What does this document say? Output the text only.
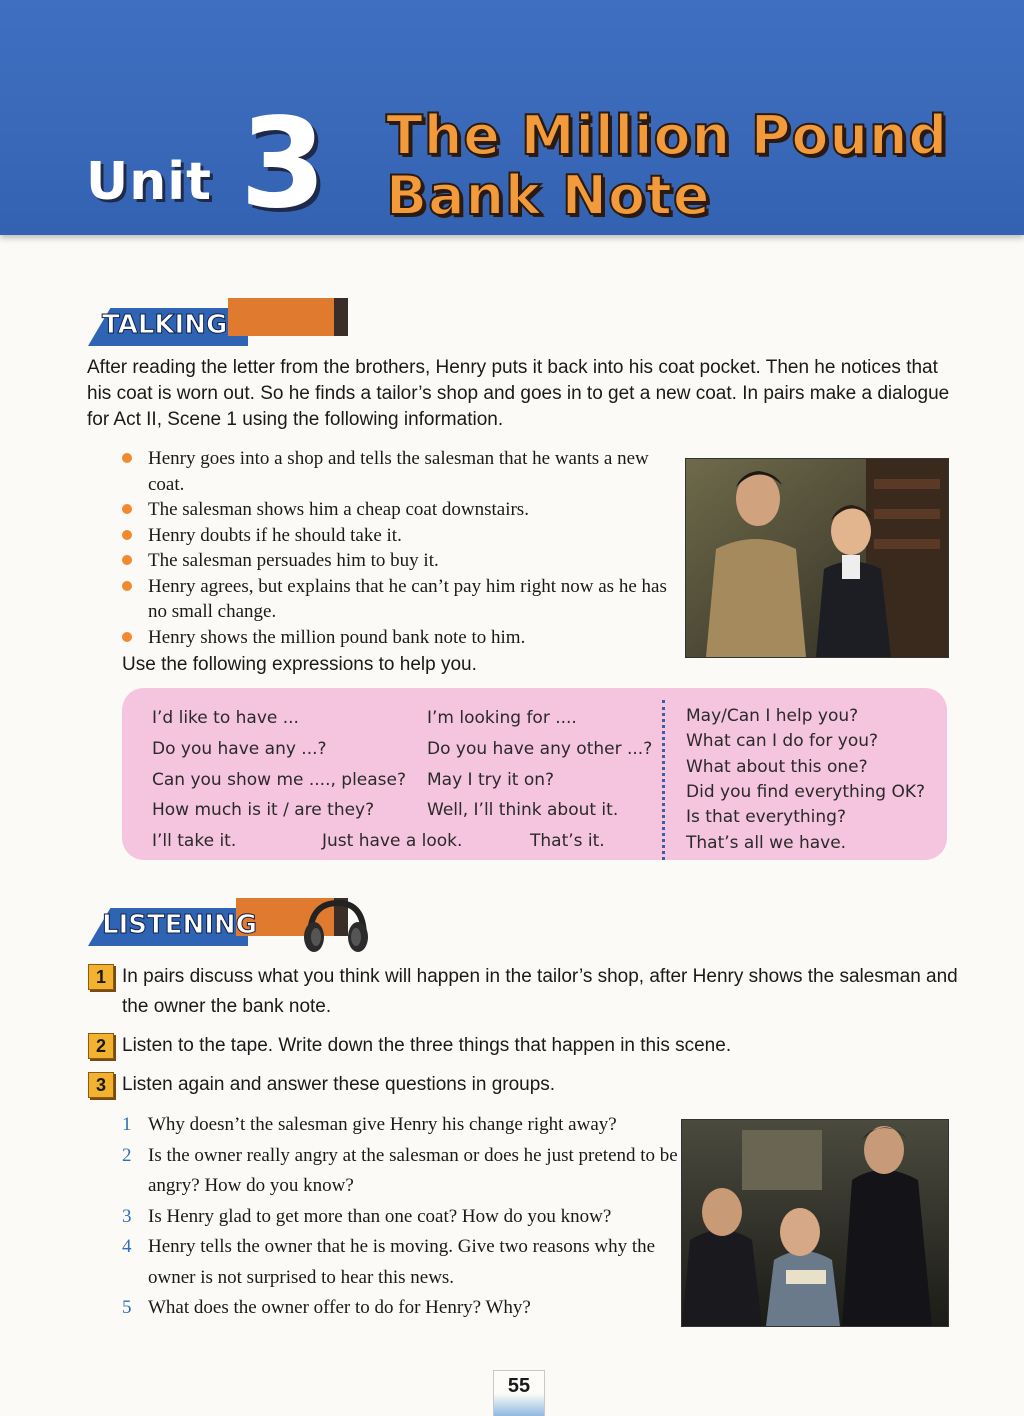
Unit 3 The Million Pound
Bank Note
TALKING
After reading the letter from the brothers, Henry puts it back into his coat pocket. Then he notices that his coat is worn out. So he finds a tailor’s shop and goes in to get a new coat. In pairs make a dialogue for Act II, Scene 1 using the following information.
Henry goes into a shop and tells the salesman that he wants a new coat.
The salesman shows him a cheap coat downstairs.
Henry doubts if he should take it.
The salesman persuades him to buy it.
Henry agrees, but explains that he can’t pay him right now as he has no small change.
Henry shows the million pound bank note to him.
Use the following expressions to help you.
I’d like to have ...
Do you have any ...?
Can you show me ...., please?
How much is it / are they?
I’ll take it.
I’m looking for ....
Do you have any other ...?
May I try it on?
Well, I’ll think about it.
Just have a look.	That’s it.
May/Can I help you?
What can I do for you?
What about this one?
Did you find everything OK?
Is that everything?
That’s all we have.
LISTENING
1 In pairs discuss what you think will happen in the tailor’s shop, after Henry shows the salesman and the owner the bank note.
2 Listen to the tape. Write down the three things that happen in this scene.
3 Listen again and answer these questions in groups.
1 Why doesn’t the salesman give Henry his change right away?
2 Is the owner really angry at the salesman or does he just pretend to be angry? How do you know?
3 Is Henry glad to get more than one coat? How do you know?
4 Henry tells the owner that he is moving. Give two reasons why the owner is not surprised to hear this news.
5 What does the owner offer to do for Henry? Why?
55
